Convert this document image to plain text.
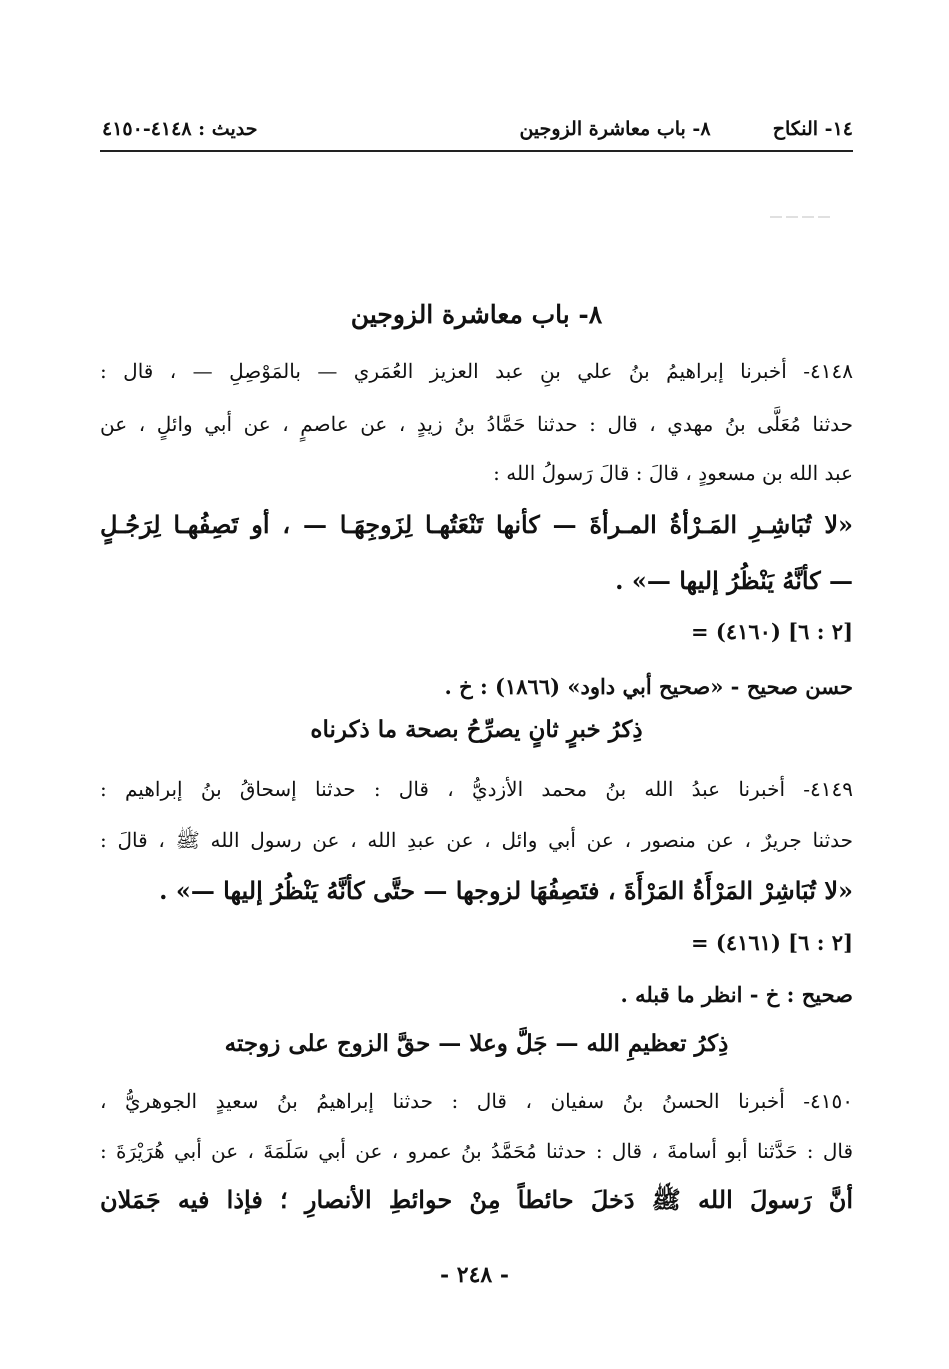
١٤- النكاح
٨- باب معاشرة الزوجين
حديث : ٤١٤٨-٤١٥٠
٨- باب معاشرة الزوجين
٤١٤٨- أخبرنا إبراهيمُ بنُ علي بنِ عبد العزيز العُمَري — بالمَوْصِلِ — ، قال :
حدثنا مُعَلَّى بنُ مهدي ، قال : حدثنا حَمَّادُ بنُ زيدٍ ، عن عاصمٍ ، عن أبي وائلٍ ، عن
عبد الله بن مسعودٍ ، قالَ : قالَ رَسولُ الله :
«لا تُبَاشِـرِ المَـرْأةُ المـرأةَ — كأنها تَنْعَتُهـا لِزَوجِهَـا — ، أو تَصِفُهـا لِرَجُـلٍ
— كأنَّهُ يَنْظُرُ إليها —» .
= (٤١٦٠) [٢ : ٦]
حسن صحيح - «صحيح أبي داود» (١٨٦٦) : خ .
ذِكرُ خبرٍ ثانٍ يصرِّحُ بصحة ما ذكرناه
٤١٤٩- أخبرنا عبدُ الله بنُ محمد الأزديُّ ، قال : حدثنا إسحاقُ بنُ إبراهيم :
حدثنا جريرٌ ، عن منصور ، عن أبي وائل ، عن عبدِ الله ، عن رسول الله ﷺ ، قالَ :
«لا تُبَاشِرْ المَرْأَةُ المَرْأَةَ ، فتَصِفُهَا لزوجها — حتَّى كأنَّهُ يَنْظُرُ إليها —» .
= (٤١٦١) [٢ : ٦]
صحيح : خ - انظر ما قبله .
ذِكرُ تعظيمِ الله — جَلَّ وعلا — حقَّ الزوج على زوجته
٤١٥٠- أخبرنا الحسنُ بنُ سفيان ، قال : حدثنا إبراهيمُ بنُ سعيدٍ الجوهريُّ ،
قال : حَدَّثنا أبو أسامةَ ، قال : حدثنا مُحَمَّدُ بنُ عمرو ، عن أبي سَلَمَةَ ، عن أبي هُرَيْرَةَ :
أنَّ رَسولَ الله ﷺ دَخلَ حائطاً مِنْ حوائطِ الأنصارِ ؛ فإذا فيه جَمَلان
- ٢٤٨ -
